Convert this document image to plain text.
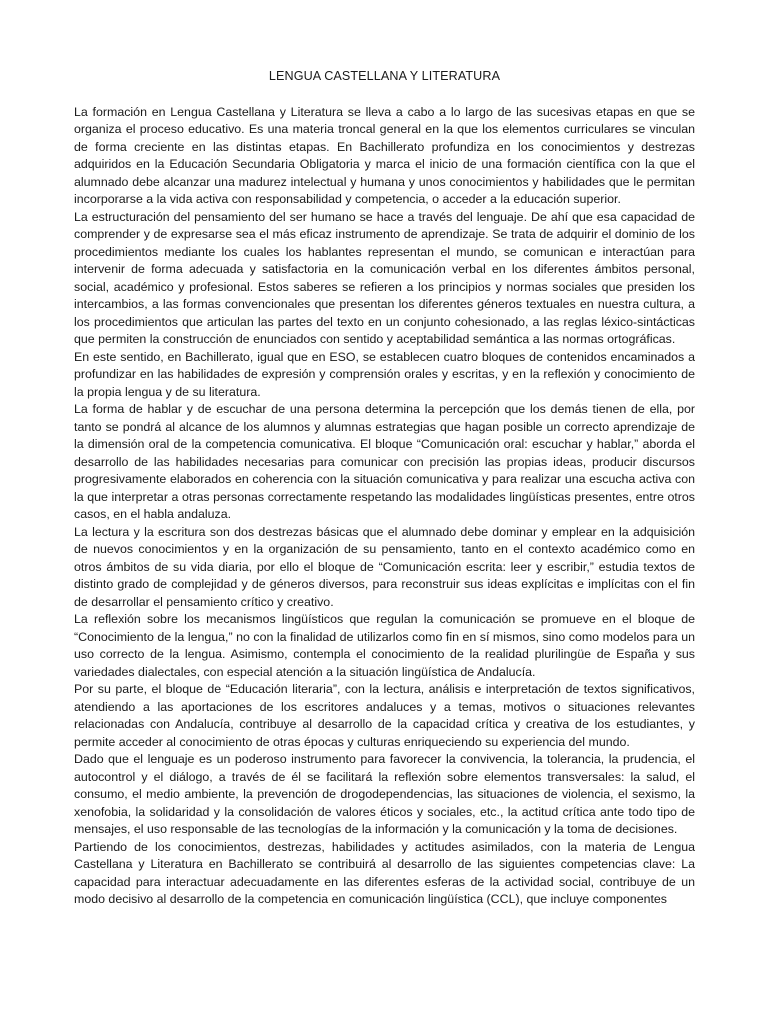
LENGUA CASTELLANA Y LITERATURA

La formación en Lengua Castellana y Literatura se lleva a cabo a lo largo de las sucesivas etapas en que se organiza el proceso educativo. Es una materia troncal general en la que los elementos curriculares se vinculan de forma creciente en las distintas etapas. En Bachillerato profundiza en los conocimientos y destrezas adquiridos en la Educación Secundaria Obligatoria y marca el inicio de una formación científica con la que el alumnado debe alcanzar una madurez intelectual y humana y unos conocimientos y habilidades que le permitan incorporarse a la vida activa con responsabilidad y competencia, o acceder a la educación superior.

La estructuración del pensamiento del ser humano se hace a través del lenguaje. De ahí que esa capacidad de comprender y de expresarse sea el más eficaz instrumento de aprendizaje. Se trata de adquirir el dominio de los procedimientos mediante los cuales los hablantes representan el mundo, se comunican e interactúan para intervenir de forma adecuada y satisfactoria en la comunicación verbal en los diferentes ámbitos personal, social, académico y profesional. Estos saberes se refieren a los principios y normas sociales que presiden los intercambios, a las formas convencionales que presentan los diferentes géneros textuales en nuestra cultura, a los procedimientos que articulan las partes del texto en un conjunto cohesionado, a las reglas léxico-sintácticas que permiten la construcción de enunciados con sentido y aceptabilidad semántica a las normas ortográficas.

En este sentido, en Bachillerato, igual que en ESO, se establecen cuatro bloques de contenidos encaminados a profundizar en las habilidades de expresión y comprensión orales y escritas, y en la reflexión y conocimiento de la propia lengua y de su literatura.

La forma de hablar y de escuchar de una persona determina la percepción que los demás tienen de ella, por tanto se pondrá al alcance de los alumnos y alumnas estrategias que hagan posible un correcto aprendizaje de la dimensión oral de la competencia comunicativa. El bloque “Comunicación oral: escuchar y hablar,” aborda el desarrollo de las habilidades necesarias para comunicar con precisión las propias ideas, producir discursos progresivamente elaborados en coherencia con la situación comunicativa y para realizar una escucha activa con la que interpretar a otras personas correctamente respetando las modalidades lingüísticas presentes, entre otros casos, en el habla andaluza.

La lectura y la escritura son dos destrezas básicas que el alumnado debe dominar y emplear en la adquisición de nuevos conocimientos y en la organización de su pensamiento, tanto en el contexto académico como en otros ámbitos de su vida diaria, por ello el bloque de “Comunicación escrita: leer y escribir,” estudia textos de distinto grado de complejidad y de géneros diversos, para reconstruir sus ideas explícitas e implícitas con el fin de desarrollar el pensamiento crítico y creativo.

La reflexión sobre los mecanismos lingüísticos que regulan la comunicación se promueve en el bloque de “Conocimiento de la lengua,” no con la finalidad de utilizarlos como fin en sí mismos, sino como modelos para un uso correcto de la lengua. Asimismo, contempla el conocimiento de la realidad plurilingüe de España y sus variedades dialectales, con especial atención a la situación lingüística de Andalucía.

Por su parte, el bloque de “Educación literaria”, con la lectura, análisis e interpretación de textos significativos, atendiendo a las aportaciones de los escritores andaluces y a temas, motivos o situaciones relevantes relacionadas con Andalucía, contribuye al desarrollo de la capacidad crítica y creativa de los estudiantes, y permite acceder al conocimiento de otras épocas y culturas enriqueciendo su experiencia del mundo.

Dado que el lenguaje es un poderoso instrumento para favorecer la convivencia, la tolerancia, la prudencia, el autocontrol y el diálogo, a través de él se facilitará la reflexión sobre elementos transversales: la salud, el consumo, el medio ambiente, la prevención de drogodependencias, las situaciones de violencia, el sexismo, la xenofobia, la solidaridad y la consolidación de valores éticos y sociales, etc., la actitud crítica ante todo tipo de mensajes, el uso responsable de las tecnologías de la información y la comunicación y la toma de decisiones.

Partiendo de los conocimientos, destrezas, habilidades y actitudes asimilados, con la materia de Lengua Castellana y Literatura en Bachillerato se contribuirá al desarrollo de las siguientes competencias clave: La capacidad para interactuar adecuadamente en las diferentes esferas de la actividad social, contribuye de un modo decisivo al desarrollo de la competencia en comunicación lingüística (CCL), que incluye componentes
